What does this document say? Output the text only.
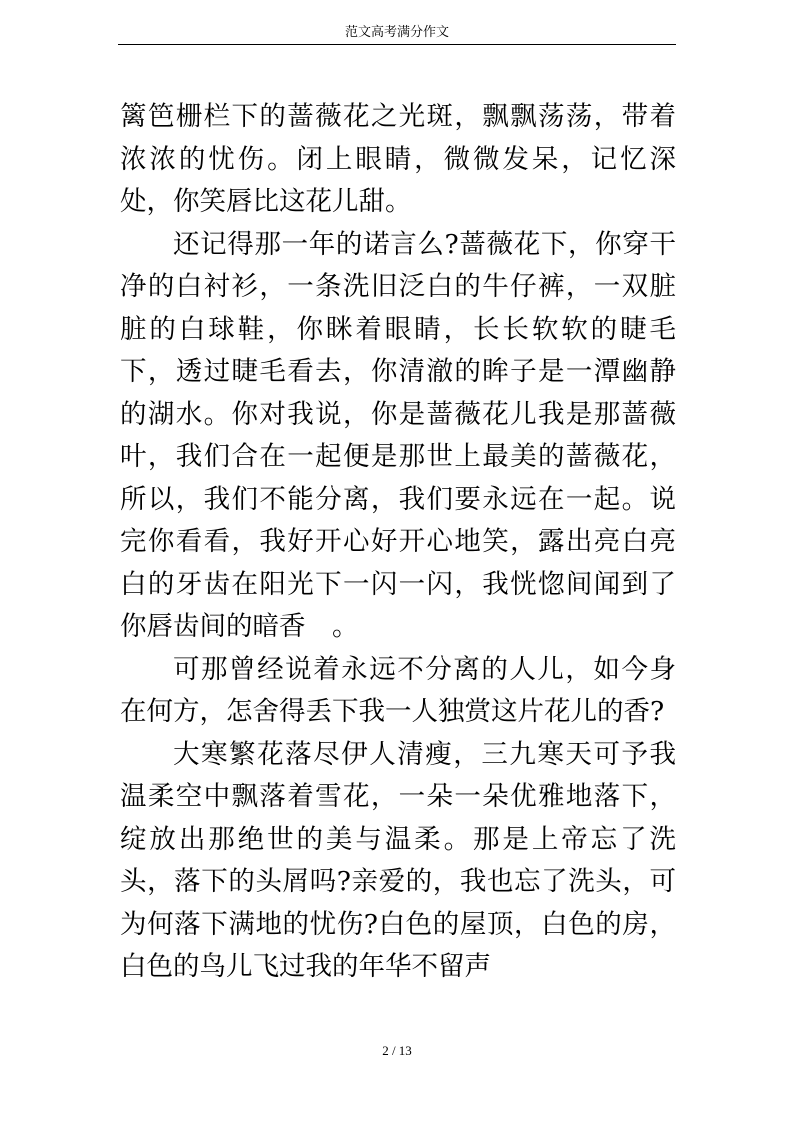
范文高考满分作文

篱笆栅栏下的蔷薇花之光斑，飘飘荡荡，带着浓浓的忧伤。闭上眼睛，微微发呆，记忆深处，你笑唇比这花儿甜。

还记得那一年的诺言么?蔷薇花下，你穿干净的白衬衫，一条洗旧泛白的牛仔裤，一双脏脏的白球鞋，你眯着眼睛，长长软软的睫毛下，透过睫毛看去，你清澈的眸子是一潭幽静的湖水。你对我说，你是蔷薇花儿我是那蔷薇叶，我们合在一起便是那世上最美的蔷薇花，所以，我们不能分离，我们要永远在一起。说完你看看，我好开心好开心地笑，露出亮白亮白的牙齿在阳光下一闪一闪，我恍惚间闻到了你唇齿间的暗香　。

可那曾经说着永远不分离的人儿，如今身在何方，怎舍得丢下我一人独赏这片花儿的香?

大寒繁花落尽伊人清瘦，三九寒天可予我温柔空中飘落着雪花，一朵一朵优雅地落下，绽放出那绝世的美与温柔。那是上帝忘了洗头，落下的头屑吗?亲爱的，我也忘了洗头，可为何落下满地的忧伤?白色的屋顶，白色的房，白色的鸟儿飞过我的年华不留声

2 / 13
